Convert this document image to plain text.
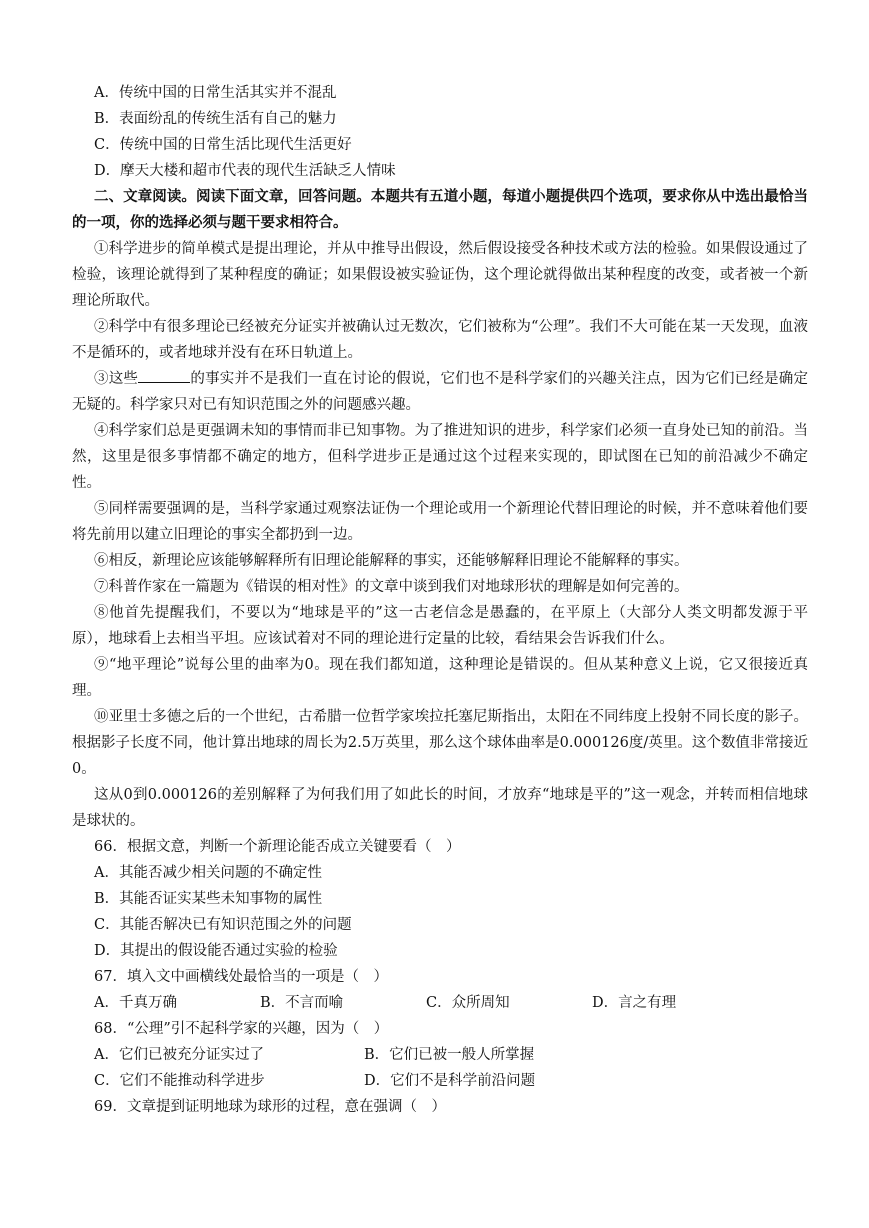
A．传统中国的日常生活其实并不混乱
B．表面纷乱的传统生活有自己的魅力
C．传统中国的日常生活比现代生活更好
D．摩天大楼和超市代表的现代生活缺乏人情味
二、文章阅读。阅读下面文章，回答问题。本题共有五道小题，每道小题提供四个选项，要求你从中选出最恰当的一项，你的选择必须与题干要求相符合。
①科学进步的简单模式是提出理论，并从中推导出假设，然后假设接受各种技术或方法的检验。如果假设通过了检验，该理论就得到了某种程度的确证；如果假设被实验证伪，这个理论就得做出某种程度的改变，或者被一个新理论所取代。
②科学中有很多理论已经被充分证实并被确认过无数次，它们被称为“公理”。我们不大可能在某一天发现，血液不是循环的，或者地球并没有在环日轨道上。
③这些	的事实并不是我们一直在讨论的假说，它们也不是科学家们的兴趣关注点，因为它们已经是确定无疑的。科学家只对已有知识范围之外的问题感兴趣。
④科学家们总是更强调未知的事情而非已知事物。为了推进知识的进步，科学家们必须一直身处已知的前沿。当然，这里是很多事情都不确定的地方，但科学进步正是通过这个过程来实现的，即试图在已知的前沿减少不确定性。
⑤同样需要强调的是，当科学家通过观察法证伪一个理论或用一个新理论代替旧理论的时候，并不意味着他们要将先前用以建立旧理论的事实全都扔到一边。
⑥相反，新理论应该能够解释所有旧理论能解释的事实，还能够解释旧理论不能解释的事实。
⑦科普作家在一篇题为《错误的相对性》的文章中谈到我们对地球形状的理解是如何完善的。
⑧他首先提醒我们，不要以为“地球是平的”这一古老信念是愚蠢的，在平原上（大部分人类文明都发源于平原），地球看上去相当平坦。应该试着对不同的理论进行定量的比较，看结果会告诉我们什么。
⑨“地平理论”说每公里的曲率为0。现在我们都知道，这种理论是错误的。但从某种意义上说，它又很接近真理。
⑩亚里士多德之后的一个世纪，古希腊一位哲学家埃拉托塞尼斯指出，太阳在不同纬度上投射不同长度的影子。根据影子长度不同，他计算出地球的周长为2.5万英里，那么这个球体曲率是0.000126度/英里。这个数值非常接近0。
这从0到0.000126的差别解释了为何我们用了如此长的时间，才放弃“地球是平的”这一观念，并转而相信地球是球状的。
66．根据文意，判断一个新理论能否成立关键要看（　）
A．其能否减少相关问题的不确定性
B．其能否证实某些未知事物的属性
C．其能否解决已有知识范围之外的问题
D．其提出的假设能否通过实验的检验
67．填入文中画横线处最恰当的一项是（　）
A．千真万确	B．不言而喻	C．众所周知	D．言之有理
68．“公理”引不起科学家的兴趣，因为（　）
A．它们已被充分证实过了	B．它们已被一般人所掌握
C．它们不能推动科学进步	D．它们不是科学前沿问题
69．文章提到证明地球为球形的过程，意在强调（　）
